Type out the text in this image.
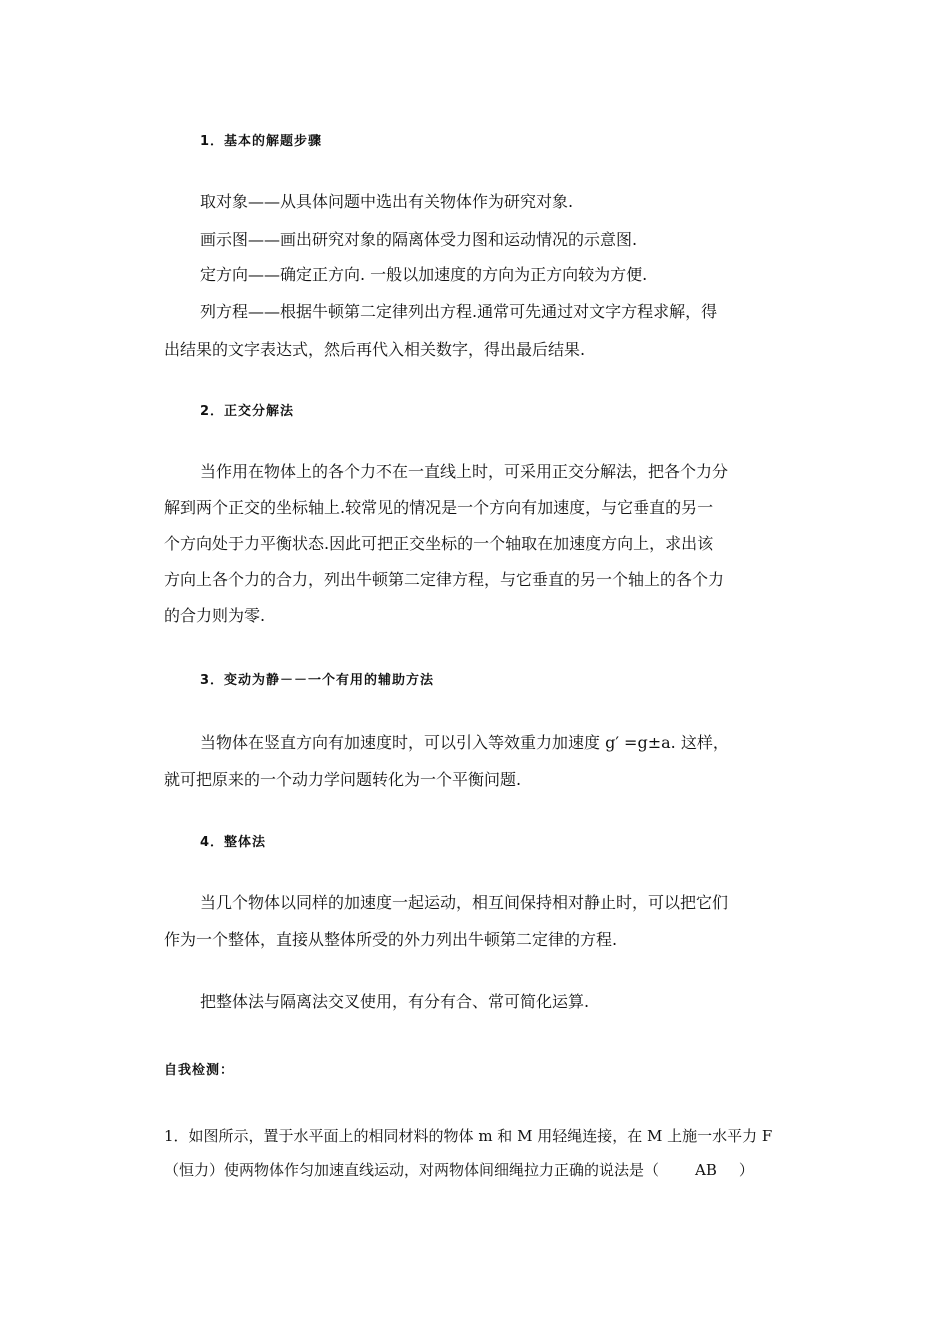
1．基本的解题步骤
取对象——从具体问题中选出有关物体作为研究对象.
画示图——画出研究对象的隔离体受力图和运动情况的示意图.
定方向——确定正方向. 一般以加速度的方向为正方向较为方便.
列方程——根据牛顿第二定律列出方程.通常可先通过对文字方程求解，得
出结果的文字表达式，然后再代入相关数字，得出最后结果.
2．正交分解法
当作用在物体上的各个力不在一直线上时，可采用正交分解法，把各个力分
解到两个正交的坐标轴上.较常见的情况是一个方向有加速度，与它垂直的另一
个方向处于力平衡状态.因此可把正交坐标的一个轴取在加速度方向上，求出该
方向上各个力的合力，列出牛顿第二定律方程，与它垂直的另一个轴上的各个力
的合力则为零.
3．变动为静－－一个有用的辅助方法
当物体在竖直方向有加速度时，可以引入等效重力加速度 g′ =g±a. 这样，
就可把原来的一个动力学问题转化为一个平衡问题.
4．整体法
当几个物体以同样的加速度一起运动，相互间保持相对静止时，可以把它们
作为一个整体，直接从整体所受的外力列出牛顿第二定律的方程.
把整体法与隔离法交叉使用，有分有合、常可简化运算.
自我检测：
1．如图所示，置于水平面上的相同材料的物体 m 和 M 用轻绳连接，在 M 上施一水平力 F
（恒力）使两物体作匀加速直线运动，对两物体间细绳拉力正确的说法是（ AB ）
